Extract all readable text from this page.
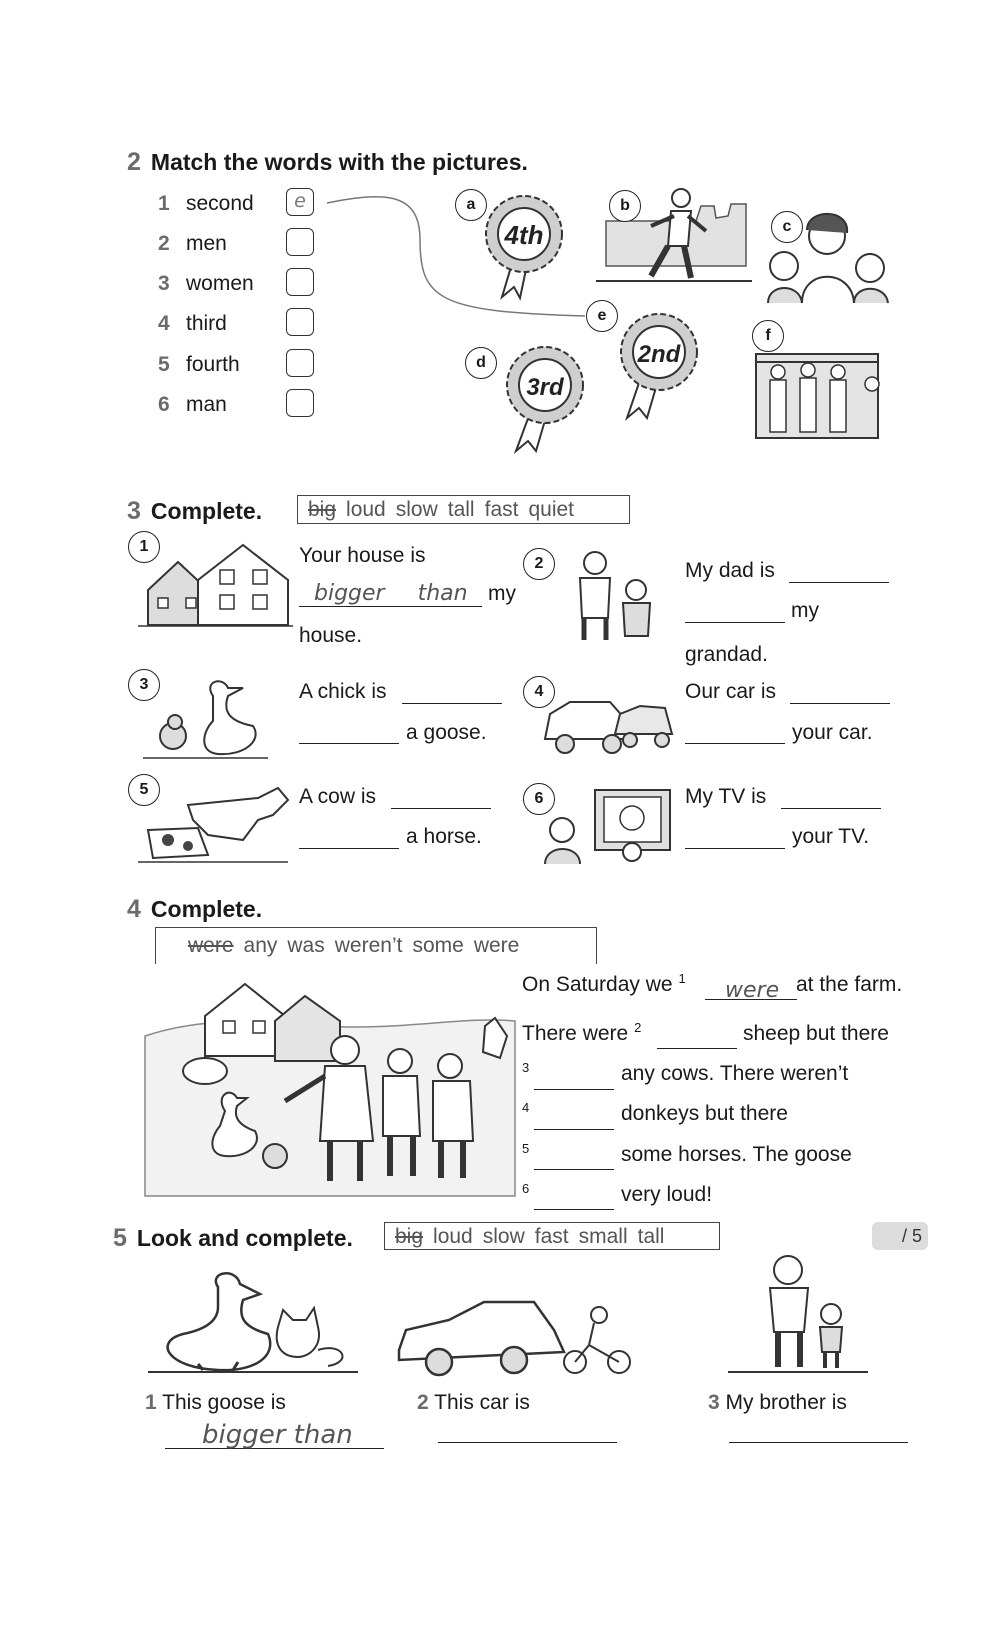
2 Match the words with the pictures.
1 second	e
2 men
3 women
4 third
5 fourth
6 man
4th
a	b
c
3rd
d	2nd
e
f
3 Complete.	big loud slow tall fast quiet
1	Your house is
bigger than my
house.
2	My dad is
my
grandad.
3	A chick is
a goose.
4	Our car is
your car.
5	A cow is
a horse.
6	My TV is
your TV.
4 Complete.
were any was weren’t some were
On Saturday we $^1$ were at the farm.
There were $^2$	sheep but there
3	any cows. There weren’t
4	donkeys but there
5	some horses. The goose
6	very loud!
5 Look and complete.	big loud slow fast small tall	/ 5
1 This goose is
bigger than
2 This car is	3 My brother is
